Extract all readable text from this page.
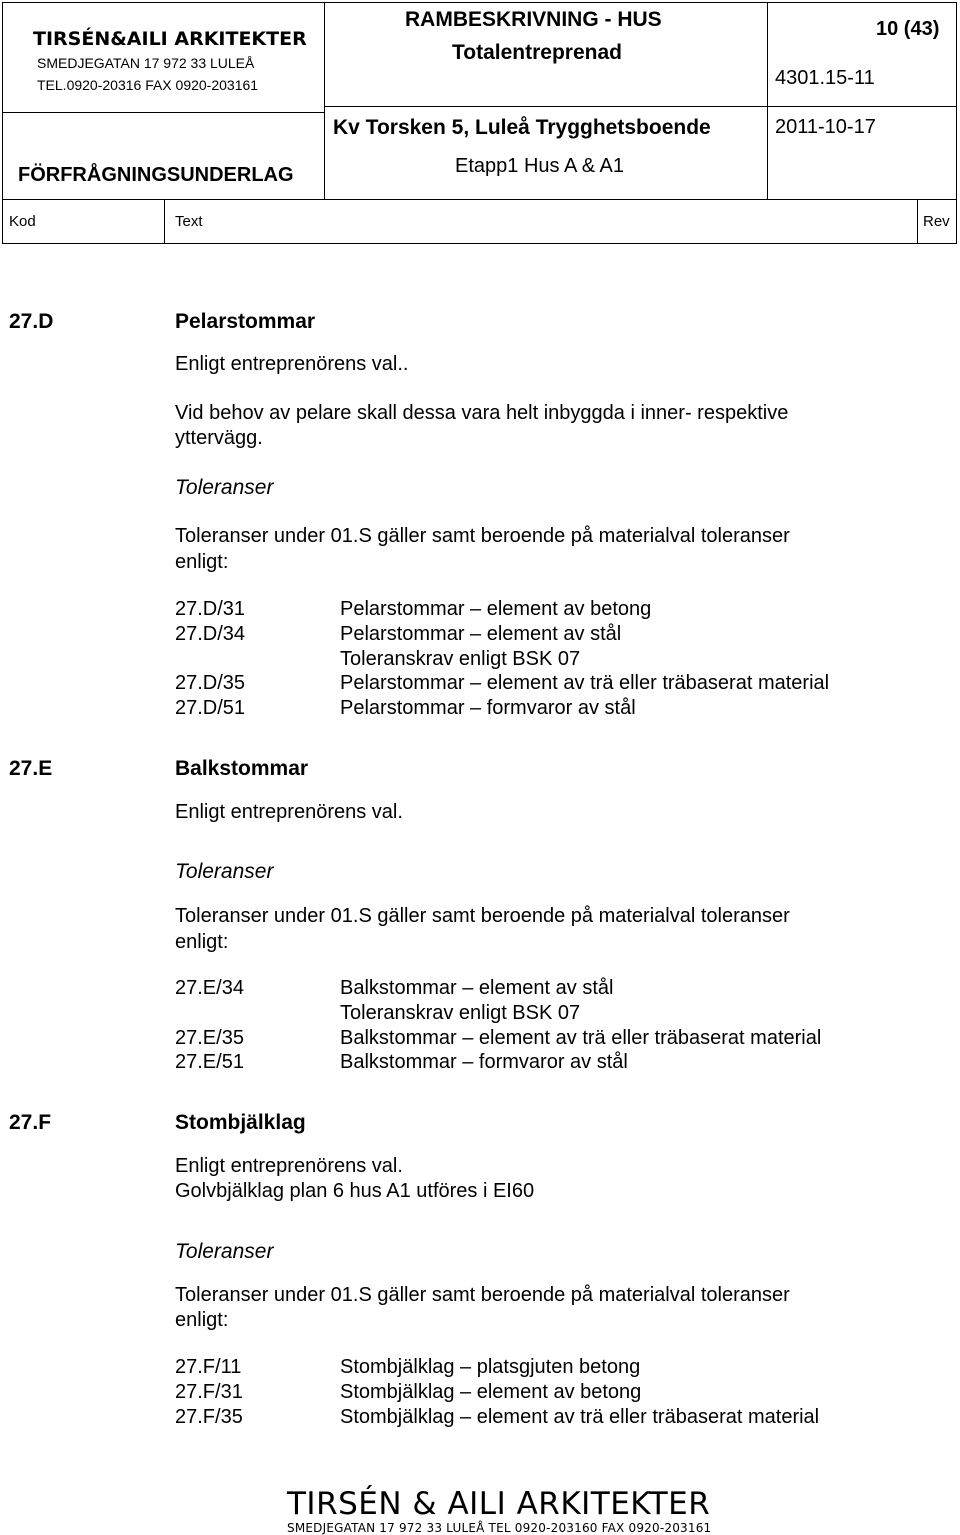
TIRSÉN&AILI ARKITEKTER
SMEDJEGATAN 17 972 33 LULEÅ
TEL.0920-20316 FAX 0920-203161
RAMBESKRIVNING - HUS
Totalentreprenad
10 (43)
4301.15-11
Kv Torsken 5, Luleå Trygghetsboende	2011-10-17
FÖRFRÅGNINGSUNDERLAG	Etapp1 Hus A & A1
Kod	Text	Rev
27.D	Pelarstommar
Enligt entreprenörens val..
Vid behov av pelare skall dessa vara helt inbyggda i inner- respektive
yttervägg.
Toleranser
Toleranser under 01.S gäller samt beroende på materialval toleranser
enligt:
27.D/31	Pelarstommar – element av betong
27.D/34	Pelarstommar – element av stål
Toleranskrav enligt BSK 07
27.D/35	Pelarstommar – element av trä eller träbaserat material
27.D/51	Pelarstommar – formvaror av stål
27.E	Balkstommar
Enligt entreprenörens val.
Toleranser
Toleranser under 01.S gäller samt beroende på materialval toleranser
enligt:
27.E/34	Balkstommar – element av stål
Toleranskrav enligt BSK 07
27.E/35	Balkstommar – element av trä eller träbaserat material
27.E/51	Balkstommar – formvaror av stål
27.F	Stombjälklag
Enligt entreprenörens val.
Golvbjälklag plan 6 hus A1 utföres i EI60
Toleranser
Toleranser under 01.S gäller samt beroende på materialval toleranser
enligt:
27.F/11	Stombjälklag – platsgjuten betong
27.F/31	Stombjälklag – element av betong
27.F/35	Stombjälklag – element av trä eller träbaserat material
TIRSÉN & AILI ARKITEKTER
SMEDJEGATAN 17 972 33 LULEÅ TEL 0920-203160 FAX 0920-203161
